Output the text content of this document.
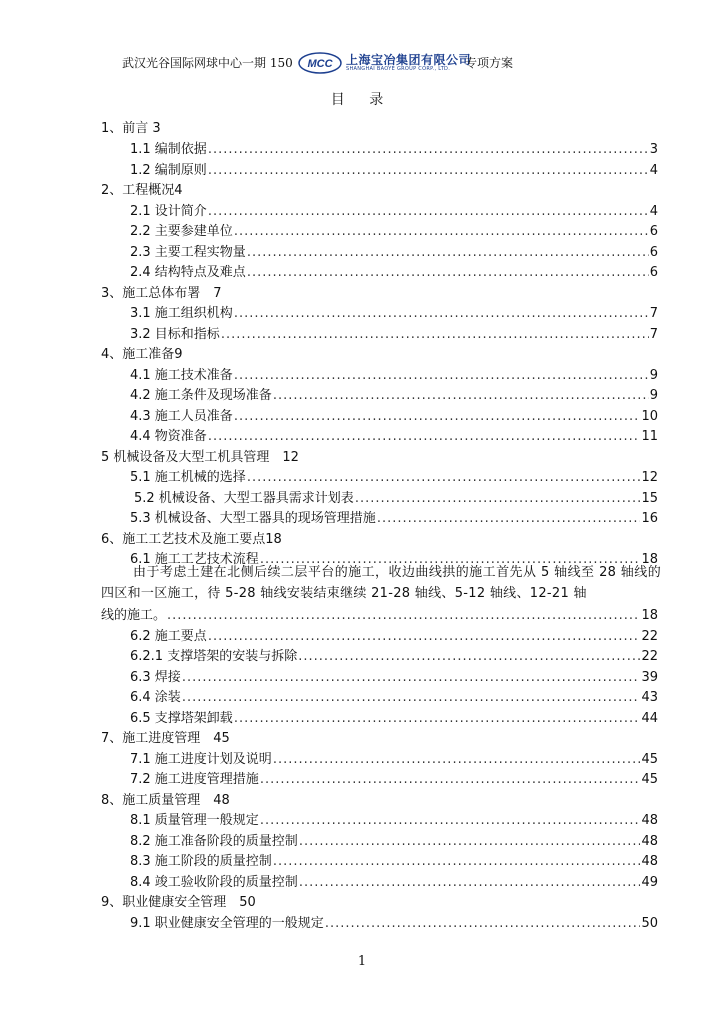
武汉光谷国际网球中心一期 150 MCC 上海宝冶集团有限公司
SHANGHAI BAOYE GROUP CORP., LTD. 专项方案
目 录
1、前言 3
1.1 编制依据 .....	3
1.2 编制原则 .....	4
2、工程概况4
2.1 设计简介 .....	4
2.2 主要参建单位 .....	6
2.3 主要工程实物量 .....	6
2.4 结构特点及难点 .....	6
3、施工总体布署　7
3.1 施工组织机构 .....	7
3.2 目标和指标 .....	7
4、施工准备9
4.1 施工技术准备 .....	9
4.2 施工条件及现场准备 .....	9
4.3 施工人员准备 .....	10
4.4 物资准备 .....	11
5 机械设备及大型工机具管理　12
5.1 施工机械的选择 .....	12
5.2 机械设备、大型工器具需求计划表 .....	15
5.3 机械设备、大型工器具的现场管理措施 .....	16
6、施工工艺技术及施工要点18
6.1 施工工艺技术流程 .....	18
由于考虑土建在北侧后续二层平台的施工，收边曲线拱的施工首先从 5 轴线至 28 轴线的四区和一区施工，待 5-28 轴线安装结束继续 21-28 轴线、5-12 轴线、12-21 轴
线的施工。 .....	18
6.2 施工要点 .....	22
6.2.1 支撑塔架的安装与拆除 .....	22
6.3 焊接 .....	39
6.4 涂装 .....	43
6.5 支撑塔架卸载 .....	44
7、施工进度管理　45
7.1 施工进度计划及说明 .....	45
7.2 施工进度管理措施 .....	45
8、施工质量管理　48
8.1 质量管理一般规定 .....	48
8.2 施工准备阶段的质量控制 .....	48
8.3 施工阶段的质量控制 .....	48
8.4 竣工验收阶段的质量控制 .....	49
9、职业健康安全管理　50
9.1 职业健康安全管理的一般规定 .....	50
1
